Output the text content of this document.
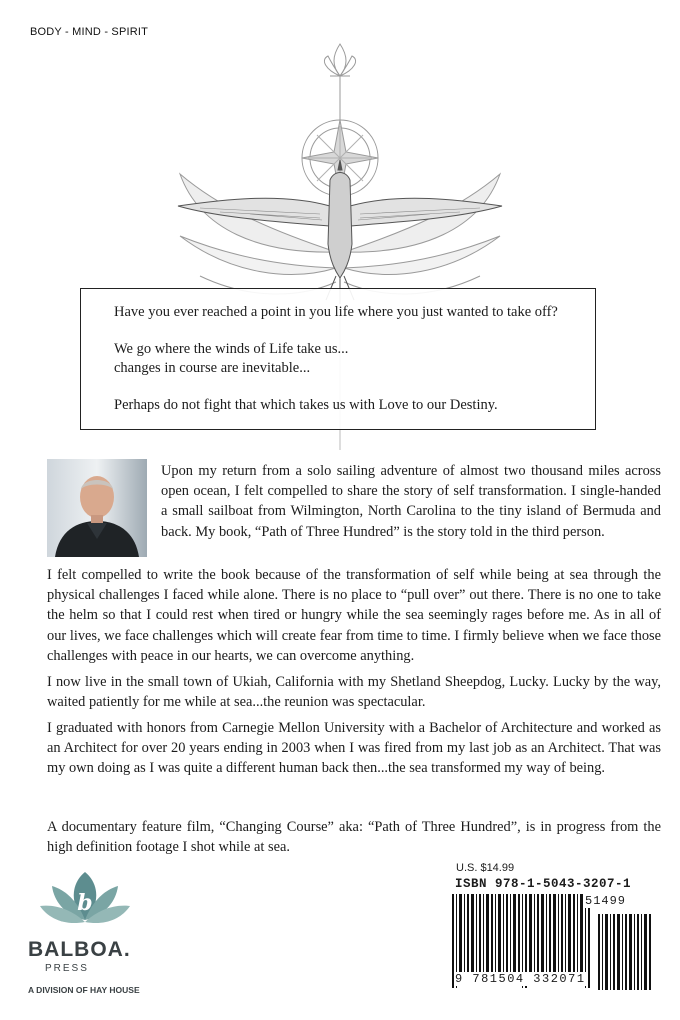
BODY - MIND - SPIRIT

Have you ever reached a point in you life where you just wanted to take off?

We go where the winds of Life take us...

changes in course are inevitable...

Perhaps do not fight that which takes us with Love to our Destiny.

Upon my return from a solo sailing adventure of almost two thousand miles across open ocean, I felt compelled to share the story of self transformation. I single-handed a small sailboat from Wilmington, North Carolina to the tiny island of Bermuda and back. My book, “Path of Three Hundred” is the story told in the third person.
I felt compelled to write the book because of the transformation of self while being at sea through the physical challenges I faced while alone. There is no place to “pull over” out there. There is no one to take the helm so that I could rest when tired or hungry while the sea seemingly rages before me. As in all of our lives, we face challenges which will create fear from time to time. I firmly believe when we face those challenges with peace in our hearts, we can overcome anything.
I now live in the small town of Ukiah, California with my Shetland Sheepdog, Lucky. Lucky by the way, waited patiently for me while at sea...the reunion was spectacular.
I graduated with honors from Carnegie Mellon University with a Bachelor of Architecture and worked as an Architect for over 20 years ending in 2003 when I was fired from my last job as an Architect. That was my own doing as I was quite a different human back then...the sea transformed my way of being.
A documentary feature film, “Changing Course” aka: “Path of Three Hundred”, is in progress from the high definition footage I shot while at sea.
U.S. $14.99
ISBN 978-1-5043-3207-1
51499
9 781504 332071
b
BALBOA.
PRESS
A DIVISION OF HAY HOUSE
